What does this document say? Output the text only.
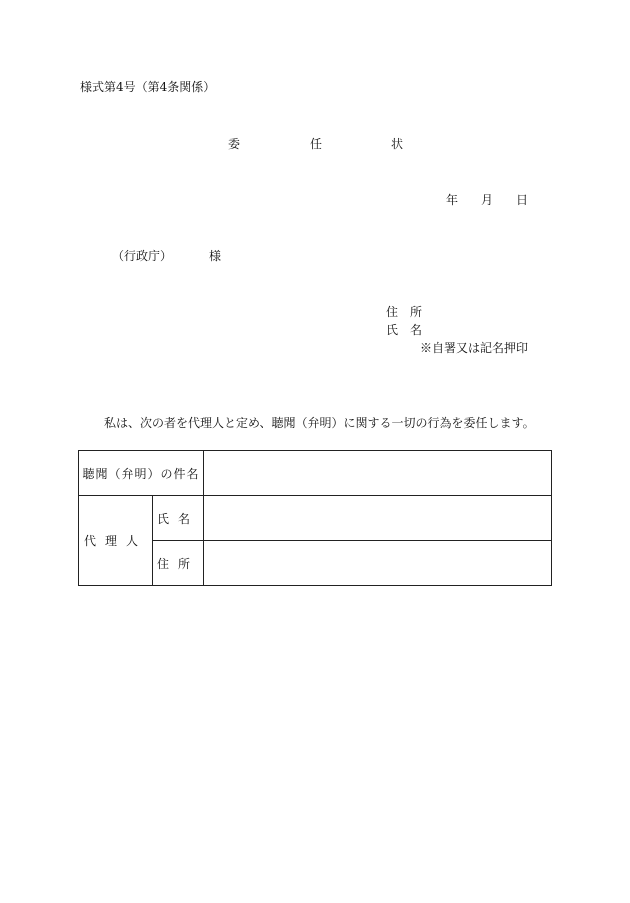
様式第4号（第4条関係）
委	任	状
年 月 日
（行政庁）	様
住　所
氏　名
※自署又は記名押印
私は、次の者を代理人と定め、聴聞（弁明）に関する一切の行為を委任します。
聴聞（弁明）の件名		
代理人	氏名	
	住所	
